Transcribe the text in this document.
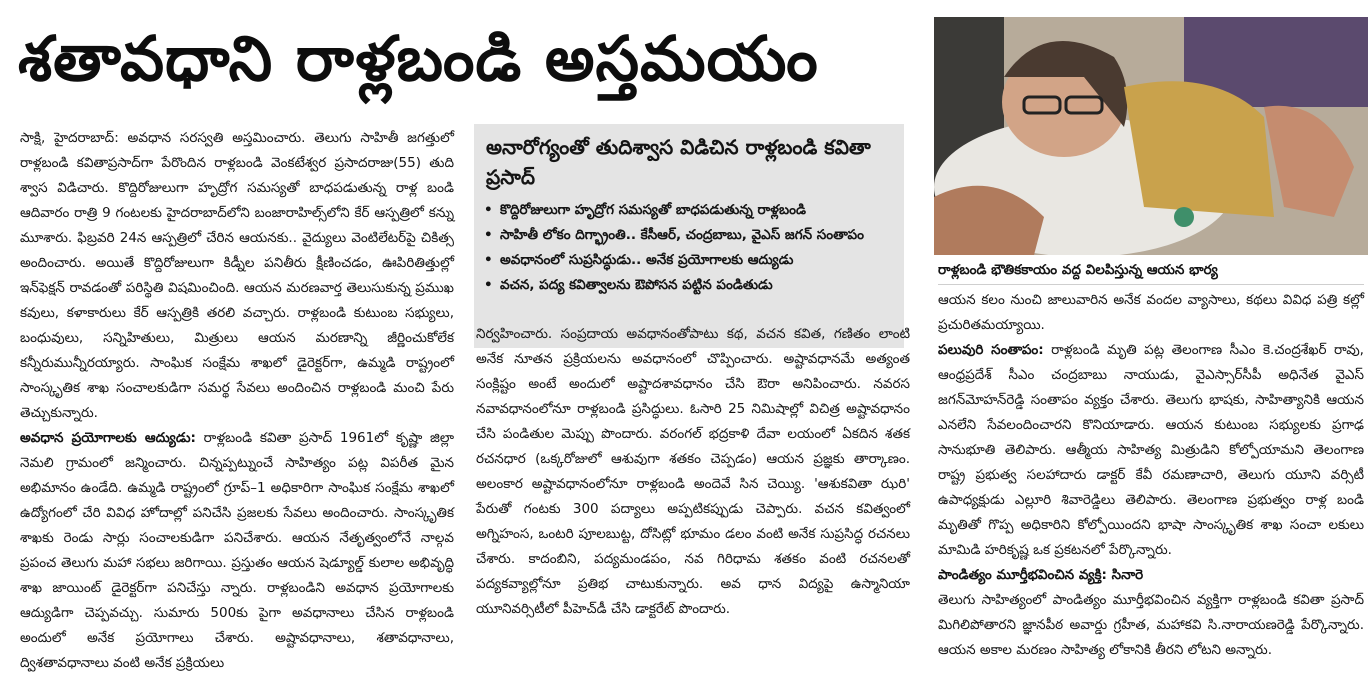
శతావధాని రాళ్లబండి అస్తమయం

సాక్షి, హైదరాబాద్: అవధాన సరస్వతి అస్తమించారు. తెలుగు సాహితీ జగత్తులో రాళ్లబండి కవితాప్రసాద్‌గా పేరొందిన రాళ్లబండి వెంకటేశ్వర ప్రసాదరాజు(55) తుది శ్వాస విడిచారు. కొద్దిరోజులుగా హృద్రోగ సమస్యతో బాధపడుతున్న రాళ్ల బండి ఆదివారం రాత్రి 9 గంటలకు హైదరాబాద్‌లోని బంజారాహిల్స్‌లోని కేర్ ఆస్పత్రిలో కన్ను మూశారు. ఫిబ్రవరి 24న ఆస్పత్రిలో చేరిన ఆయనకు.. వైద్యులు వెంటిలేటర్‌పై చికిత్స అందించారు. అయితే కొద్దిరోజులుగా కిడ్నీల పనితీరు క్షీణించడం, ఊపిరితిత్తుల్లో ఇన్‌ఫెక్షన్ రావడంతో పరిస్థితి విషమించింది. ఆయన మరణవార్త తెలుసుకున్న ప్రముఖ కవులు, కళాకారులు కేర్ ఆస్పత్రికి తరలి వచ్చారు. రాళ్లబండి కుటుంబ సభ్యులు, బంధువులు, సన్నిహితులు, మిత్రులు ఆయన మరణాన్ని జీర్ణించుకోలేక కన్నీరుమున్నీరయ్యారు. సాంఘిక సంక్షేమ శాఖలో డైరెక్టర్‌గా, ఉమ్మడి రాష్ట్రంలో సాంస్కృతిక శాఖ సంచాలకుడిగా సమర్థ సేవలు అందించిన రాళ్లబండి మంచి పేరు తెచ్చుకున్నారు.

అవధాన ప్రయోగాలకు ఆద్యుడు: రాళ్లబండి కవితా ప్రసాద్ 1961లో కృష్ణా జిల్లా నెమలి గ్రామంలో జన్మించారు. చిన్నప్పట్నుంచే సాహిత్యం పట్ల విపరీత మైన అభిమానం ఉండేది. ఉమ్మడి రాష్ట్రంలో గ్రూప్–1 అధికారిగా సాంఘిక సంక్షేమ శాఖలో ఉద్యోగంలో చేరి వివిధ హోదాల్లో పనిచేసి ప్రజలకు సేవలు అందించారు. సాంస్కృతిక శాఖకు రెండు సార్లు సంచాలకుడిగా పనిచేశారు. ఆయన నేతృత్వంలోనే నాల్గవ ప్రపంచ తెలుగు మహా సభలు జరిగాయి. ప్రస్తుతం ఆయన షెడ్యూల్డ్ కులాల అభివృద్ధి శాఖ జాయింట్ డైరెక్టర్‌గా పనిచేస్తు న్నారు. రాళ్లబండిని అవధాన ప్రయోగాలకు ఆద్యుడిగా చెప్పవచ్చు. సుమారు 500కు పైగా అవధానాలు చేసిన రాళ్లబండి అందులో అనేక ప్రయోగాలు చేశారు. అష్టావధానాలు, శతావధానాలు, ద్విశతావధానాలు వంటి అనేక ప్రక్రియలు

అనారోగ్యంతో తుదిశ్వాస విడిచిన రాళ్లబండి కవితా ప్రసాద్
• కొద్దిరోజులుగా హృద్రోగ సమస్యతో బాధపడుతున్న రాళ్లబండి
• సాహితీ లోకం దిగ్భ్రాంతి.. కేసీఆర్, చంద్రబాబు, వైఎస్ జగన్ సంతాపం
• అవధానంలో సుప్రసిద్ధుడు.. అనేక ప్రయోగాలకు ఆద్యుడు
• వచన, పద్య కవిత్వాలను ఔపోసన పట్టిన పండితుడు

నిర్వహించారు. సంప్రదాయ అవధానంతోపాటు కథ, వచన కవిత, గణితం లాంటి అనేక నూతన ప్రక్రియలను అవధానంలో చొప్పించారు. అష్టావధానమే అత్యంత సంక్లిష్టం అంటే అందులో అష్టాదశావధానం చేసి ఔరా అనిపించారు. నవరస నవావధానంలోనూ రాళ్లబండి ప్రసిద్ధులు. ఓసారి 25 నిమిషాల్లో విచిత్ర అష్టావధానం చేసి పండితుల మెప్పు పొందారు. వరంగల్ భద్రకాళి దేవా లయంలో ఏకదిన శతక రచనధార (ఒక్కరోజులో ఆశువుగా శతకం చెప్పడం) ఆయన ప్రజ్ఞకు తార్కాణం. అలంకార అష్టావధానంలోనూ రాళ్లబండి అందెవే సిన చెయ్యి. 'ఆశుకవితా ఝరి' పేరుతో గంటకు 300 పద్యాలు అప్పటికప్పుడు చెప్పారు. వచన కవిత్వంలో అగ్నిహంస, ఒంటరి పూలబుట్ట, దోసిట్లో భూమం డలం వంటి అనేక సుప్రసిద్ధ రచనలు చేశారు. కాదంబిని, పద్యమండపం, నవ గిరిధామ శతకం వంటి రచనలతో పద్యకవ్యాల్లోనూ ప్రతిభ చాటుకున్నారు. అవ ధాన విద్యపై ఉస్మానియా యూనివర్సిటీలో పీహెచ్‌డీ చేసి డాక్టరేట్ పొందారు.

రాళ్లబండి భౌతికకాయం వద్ద విలపిస్తున్న ఆయన భార్య

ఆయన కలం నుంచి జాలువారిన అనేక వందల వ్యాసాలు, కథలు వివిధ పత్రి కల్లో ప్రచురితమయ్యాయి.

పలువురి సంతాపం: రాళ్లబండి మృతి పట్ల తెలంగాణ సీఎం కె.చంద్రశేఖర్ రావు, ఆంధ్రప్రదేశ్ సీఎం చంద్రబాబు నాయుడు, వైఎస్సార్‌సీపీ అధినేత వైఎస్ జగన్‌మోహన్‌రెడ్డి సంతాపం వ్యక్తం చేశారు. తెలుగు భాషకు, సాహిత్యానికి ఆయన ఎనలేని సేవలందించారని కొనియాడారు. ఆయన కుటుంబ సభ్యులకు ప్రగాఢ సానుభూతి తెలిపారు. ఆత్మీయ సాహిత్య మిత్రుడిని కోల్పోయామని తెలంగాణ రాష్ట్ర ప్రభుత్వ సలహాదారు డాక్టర్ కేవీ రమణాచారి, తెలుగు యూని వర్సిటీ ఉపాధ్యక్షుడు ఎల్లూరి శివారెడ్డిలు తెలిపారు. తెలంగాణ ప్రభుత్వం రాళ్ల బండి మృతితో గొప్ప అధికారిని కోల్పోయిందని భాషా సాంస్కృతిక శాఖ సంచా లకులు మామిడి హరికృష్ణ ఒక ప్రకటనలో పేర్కొన్నారు.

పాండిత్యం మూర్తీభవించిన వ్యక్తి: సినారె

తెలుగు సాహిత్యంలో పాండిత్యం మూర్తీభవించిన వ్యక్తిగా రాళ్లబండి కవితా ప్రసాద్ మిగిలిపోతారని జ్ఞానపీఠ అవార్డు గ్రహీత, మహాకవి సి.నారాయణరెడ్డి పేర్కొన్నారు. ఆయన అకాల మరణం సాహిత్య లోకానికి తీరని లోటని అన్నారు.
